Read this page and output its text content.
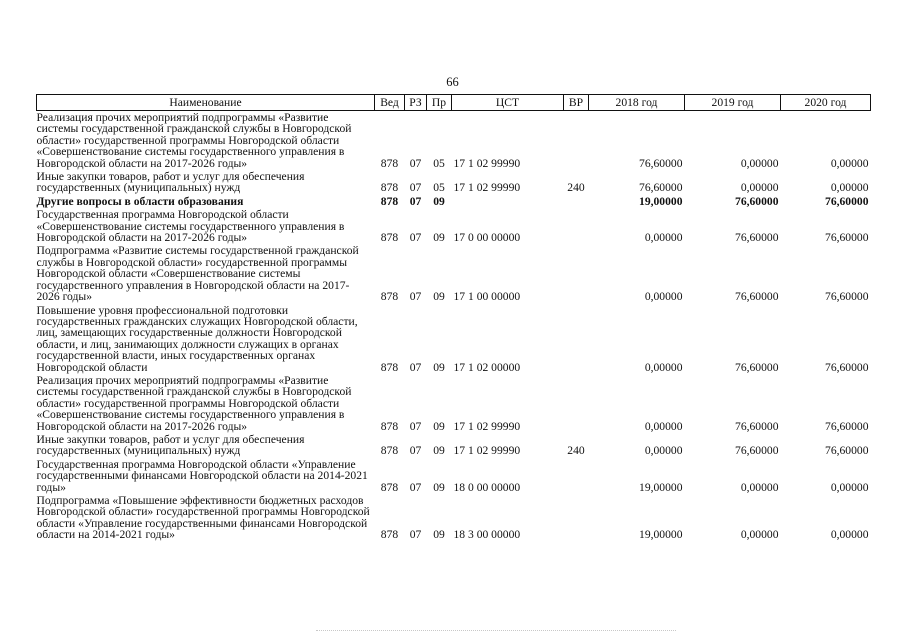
66
Наименование	Вед	РЗ	Пр	ЦСТ	ВР	2018 год	2019 год	2020 год
Реализация прочих мероприятий подпрограммы «Развитие системы государственной гражданской службы в Новгородской области» государственной программы Новгородской области «Совершенствование системы государственного управления в Новгородской области на 2017-2026 годы»	878	07	05	17 1 02 99990		76,60000	0,00000	0,00000
Иные закупки товаров, работ и услуг для обеспечения государственных (муниципальных) нужд	878	07	05	17 1 02 99990	240	76,60000	0,00000	0,00000
Другие вопросы в области образования	878	07	09			19,00000	76,60000	76,60000
Государственная программа Новгородской области «Совершенствование системы государственного управления в Новгородской области на 2017-2026 годы»	878	07	09	17 0 00 00000		0,00000	76,60000	76,60000
Подпрограмма «Развитие системы государственной гражданской службы в Новгородской области» государственной программы Новгородской области «Совершенствование системы государственного управления в Новгородской области на 2017-2026 годы»	878	07	09	17 1 00 00000		0,00000	76,60000	76,60000
Повышение уровня профессиональной подготовки государственных гражданских служащих Новгородской области, лиц, замещающих государственные должности Новгородской области, и лиц, занимающих должности служащих в органах государственной власти, иных государственных органах Новгородской области	878	07	09	17 1 02 00000		0,00000	76,60000	76,60000
Реализация прочих мероприятий подпрограммы «Развитие системы государственной гражданской службы в Новгородской области» государственной программы Новгородской области «Совершенствование системы государственного управления в Новгородской области на 2017-2026 годы»	878	07	09	17 1 02 99990		0,00000	76,60000	76,60000
Иные закупки товаров, работ и услуг для обеспечения государственных (муниципальных) нужд	878	07	09	17 1 02 99990	240	0,00000	76,60000	76,60000
Государственная программа Новгородской области «Управление государственными финансами Новгородской области на 2014-2021 годы»	878	07	09	18 0 00 00000		19,00000	0,00000	0,00000
Подпрограмма «Повышение эффективности бюджетных расходов Новгородской области» государственной программы Новгородской области «Управление государственными финансами Новгородской области на 2014-2021 годы»	878	07	09	18 3 00 00000		19,00000	0,00000	0,00000
